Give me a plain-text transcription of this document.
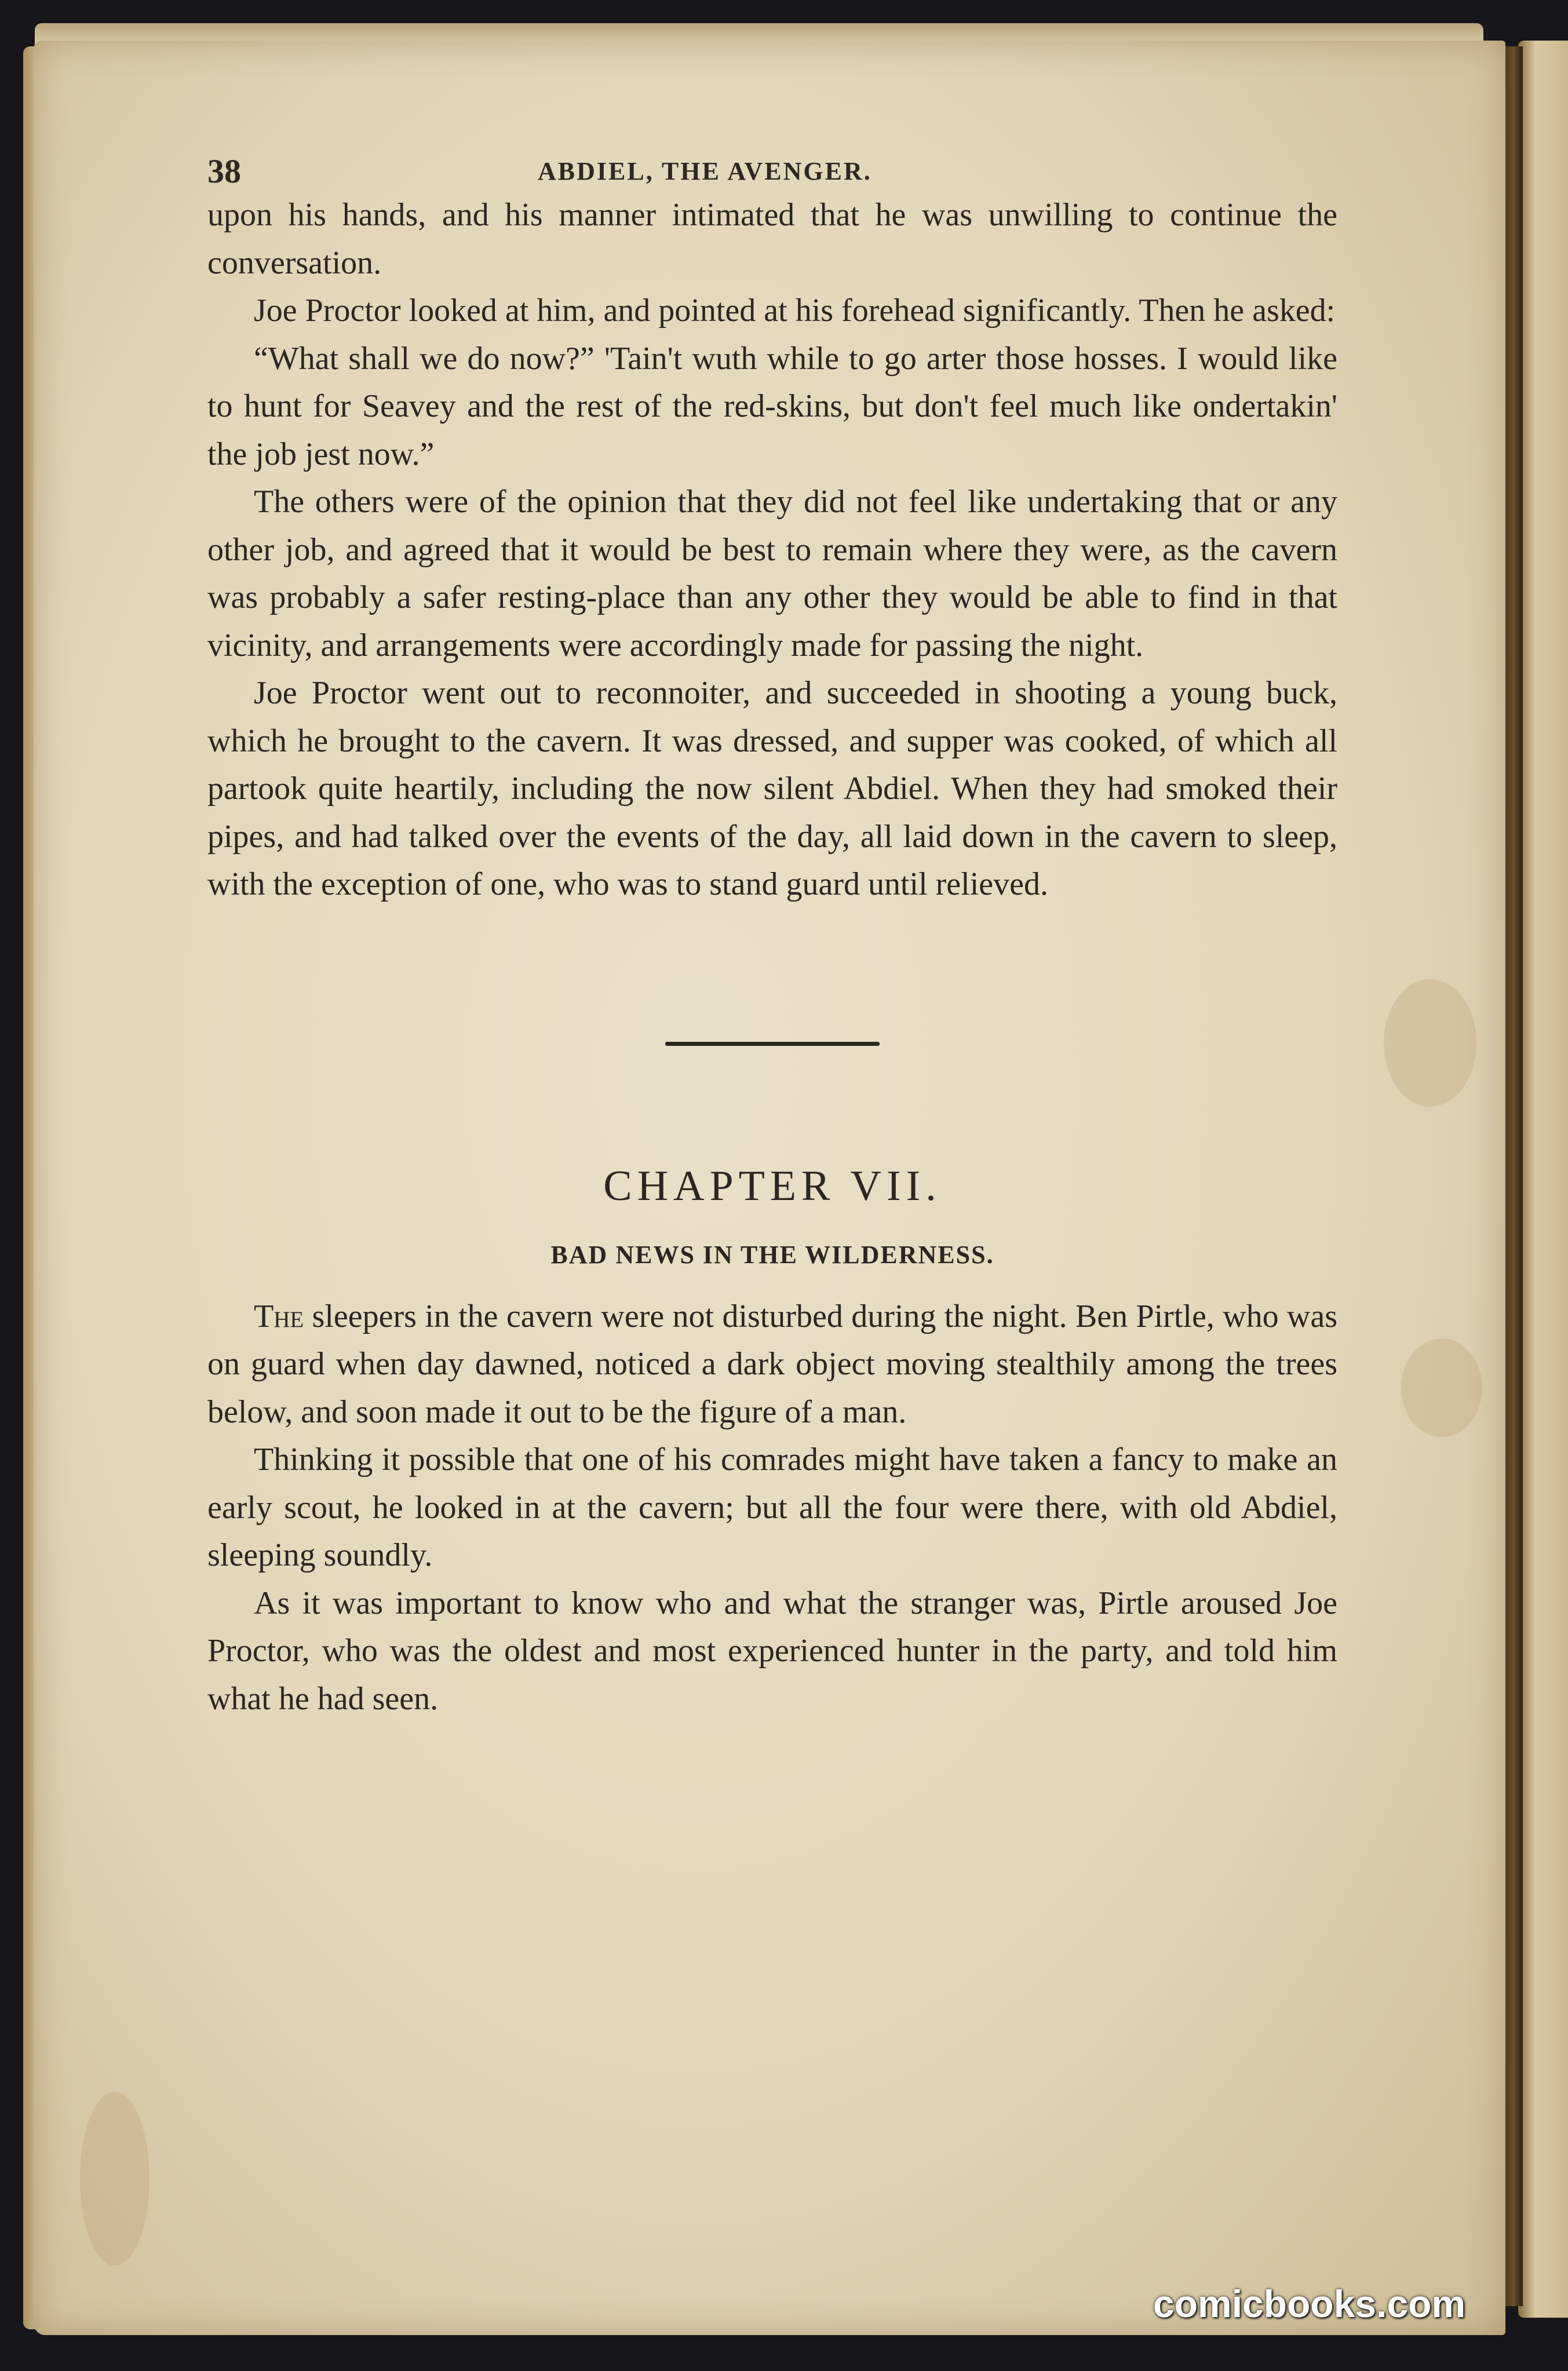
38	ABDIEL, THE AVENGER.

upon his hands, and his manner intimated that he was unwilling to continue the conversation.

Joe Proctor looked at him, and pointed at his forehead significantly. Then he asked:

“What shall we do now?” 'Tain't wuth while to go arter those hosses. I would like to hunt for Seavey and the rest of the red-skins, but don't feel much like ondertakin' the job jest now.”

The others were of the opinion that they did not feel like undertaking that or any other job, and agreed that it would be best to remain where they were, as the cavern was probably a safer resting-place than any other they would be able to find in that vicinity, and arrangements were accordingly made for passing the night.

Joe Proctor went out to reconnoiter, and succeeded in shooting a young buck, which he brought to the cavern. It was dressed, and supper was cooked, of which all partook quite heartily, including the now silent Abdiel. When they had smoked their pipes, and had talked over the events of the day, all laid down in the cavern to sleep, with the exception of one, who was to stand guard until relieved.

CHAPTER VII.
BAD NEWS IN THE WILDERNESS.

The sleepers in the cavern were not disturbed during the night. Ben Pirtle, who was on guard when day dawned, noticed a dark object moving stealthily among the trees below, and soon made it out to be the figure of a man.

Thinking it possible that one of his comrades might have taken a fancy to make an early scout, he looked in at the cavern; but all the four were there, with old Abdiel, sleeping soundly.

As it was important to know who and what the stranger was, Pirtle aroused Joe Proctor, who was the oldest and most experienced hunter in the party, and told him what he had seen.

comicbooks.com
